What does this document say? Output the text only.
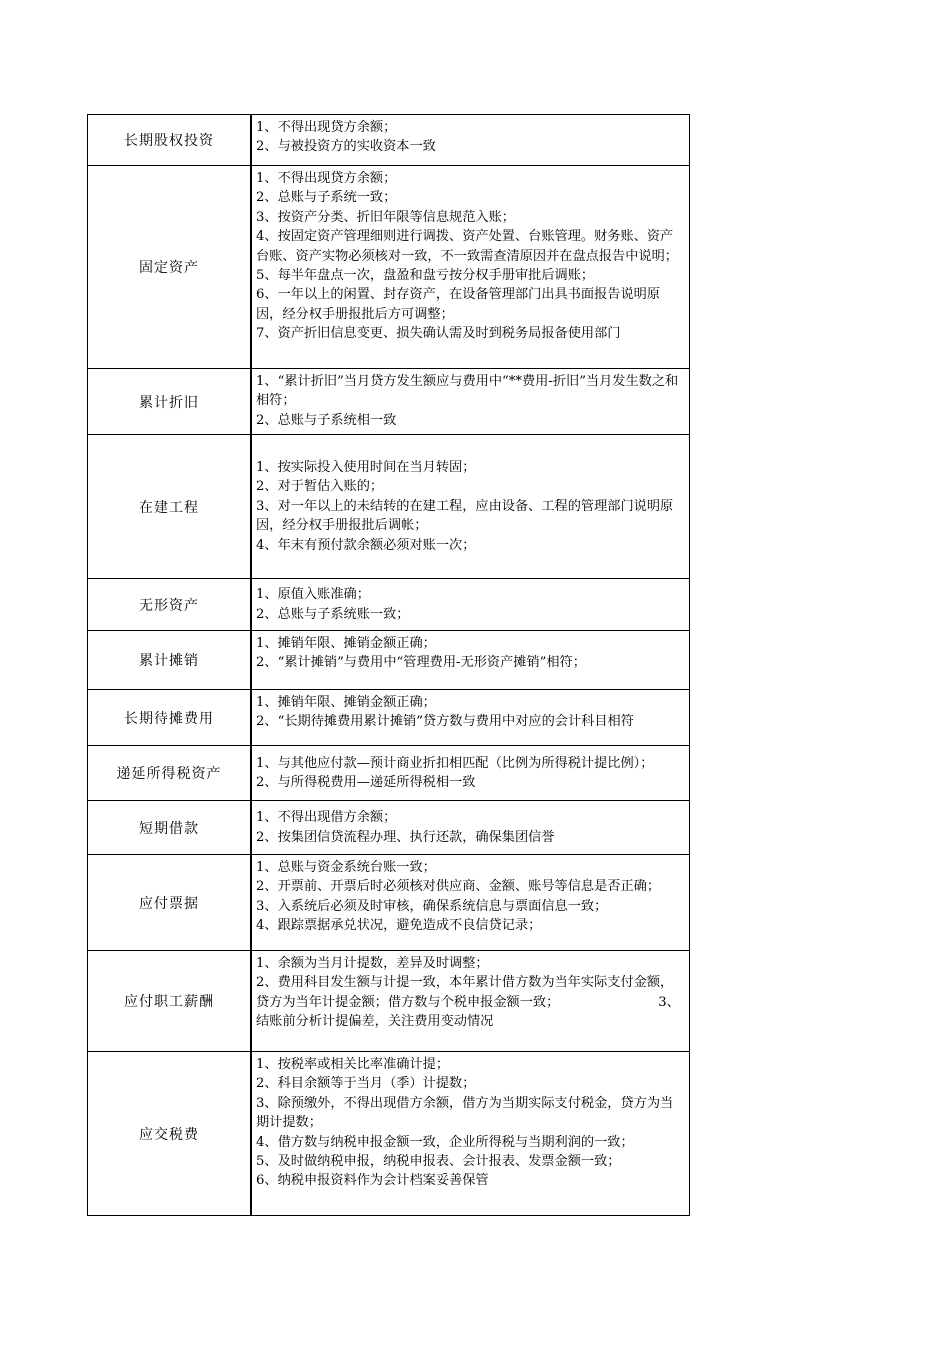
长期股权投资
1、不得出现贷方余额；
2、与被投资方的实收资本一致
固定资产
1、不得出现贷方余额；
2、总账与子系统一致；
3、按资产分类、折旧年限等信息规范入账；
4、按固定资产管理细则进行调拨、资产处置、台账管理。财务账、资产台账、资产实物必须核对一致，不一致需查清原因并在盘点报告中说明；　　　5、每半年盘点一次，盘盈和盘亏按分权手册审批后调账；　　　　　　　　　　6、一年以上的闲置、封存资产，在设备管理部门出具书面报告说明原因，经分权手册报批后方可调整；
7、资产折旧信息变更、损失确认需及时到税务局报备使用部门
累计折旧
1、“累计折旧”当月贷方发生额应与费用中“**费用-折旧”当月发生数之和相符；
2、总账与子系统相一致
在建工程
1、按实际投入使用时间在当月转固；
2、对于暂估入账的；
3、对一年以上的未结转的在建工程，应由设备、工程的管理部门说明原因，经分权手册报批后调帐；
4、年末有预付款余额必须对账一次；
无形资产
1、原值入账准确；
2、总账与子系统账一致；
累计摊销
1、摊销年限、摊销金额正确；
2、“累计摊销”与费用中“管理费用-无形资产摊销”相符；
长期待摊费用
1、摊销年限、摊销金额正确；
2、“长期待摊费用累计摊销”贷方数与费用中对应的会计科目相符
递延所得税资产
1、与其他应付款—预计商业折扣相匹配（比例为所得税计提比例）；　　　2、与所得税费用—递延所得税相一致
短期借款
1、不得出现借方余额；
2、按集团信贷流程办理、执行还款，确保集团信誉
应付票据
1、总账与资金系统台账一致；
2、开票前、开票后时必须核对供应商、金额、账号等信息是否正确；
3、入系统后必须及时审核，确保系统信息与票面信息一致；
4、跟踪票据承兑状况，避免造成不良信贷记录；
应付职工薪酬
1、余额为当月计提数，差异及时调整；
2、费用科目发生额与计提一致，本年累计借方数为当年实际支付金额，贷方为当年计提金额；借方数与个税申报金额一致；　　　　　　　　3、　结账前分析计提偏差，关注费用变动情况
应交税费
1、按税率或相关比率准确计提；
2、科目余额等于当月（季）计提数；
3、除预缴外，不得出现借方余额，借方为当期实际支付税金，贷方为当期计提数；
4、借方数与纳税申报金额一致，企业所得税与当期利润的一致；
5、及时做纳税申报，纳税申报表、会计报表、发票金额一致；
6、纳税申报资料作为会计档案妥善保管
